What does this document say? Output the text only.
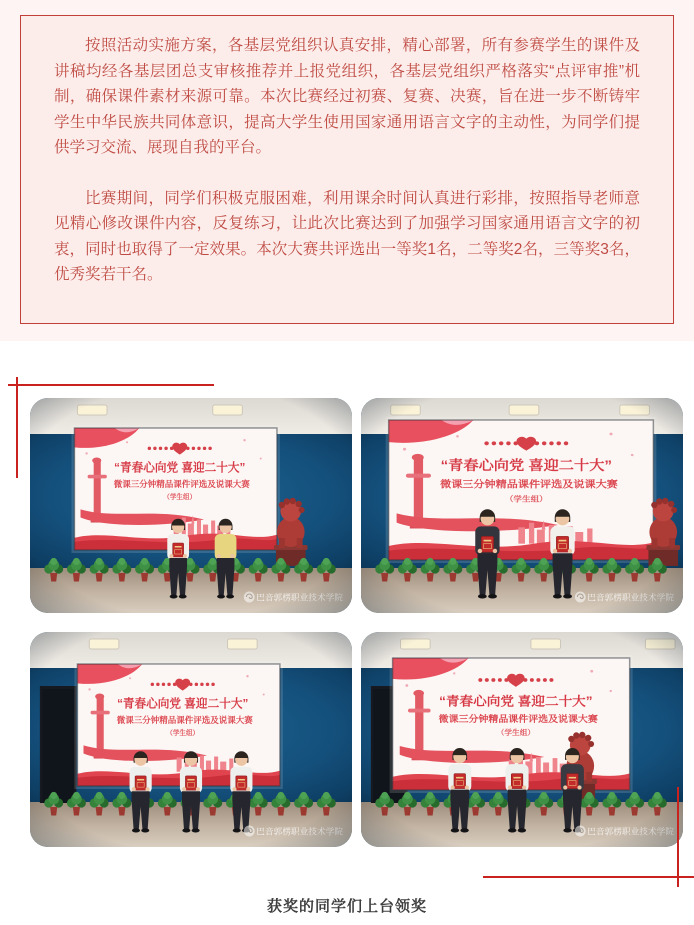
按照活动实施方案，各基层党组织认真安排，精心部署，所有参赛学生的课件及讲稿均经各基层团总支审核推荐并上报党组织，各基层党组织严格落实“点评审推”机制，确保课件素材来源可靠。本次比赛经过初赛、复赛、决赛，旨在进一步不断铸牢学生中华民族共同体意识，提高大学生使用国家通用语言文字的主动性，为同学们提供学习交流、展现自我的平台。

比赛期间，同学们积极克服困难，利用课余时间认真进行彩排，按照指导老师意见精心修改课件内容，反复练习，让此次比赛达到了加强学习国家通用语言文字的初衷，同时也取得了一定效果。本次大赛共评选出一等奖1名，二等奖2名，三等奖3名，优秀奖若干名。

获奖的同学们上台领奖
